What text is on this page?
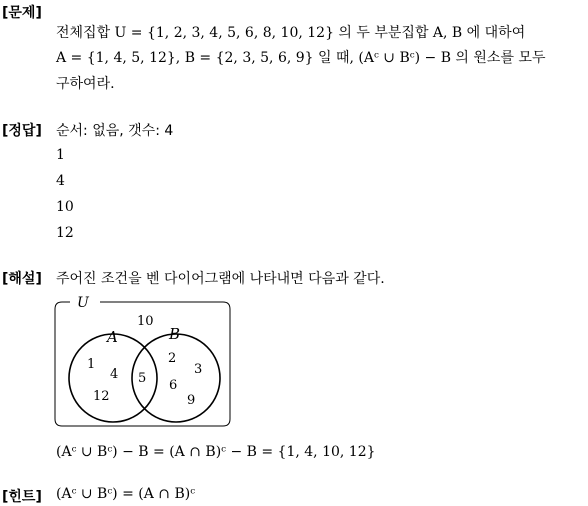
[문제]
전체집합 U = {1, 2, 3, 4, 5, 6, 8, 10, 12} 의 두 부분집합 A, B 에 대하여
A = {1, 4, 5, 12}, B = {2, 3, 5, 6, 9} 일 때, (Aᶜ ∪ Bᶜ) − B 의 원소를 모두
구하여라.
[정답] 순서: 없음, 갯수: 4
1
4
10
12
[해설] 주어진 조건을 벤 다이어그램에 나타내면 다음과 같다.
U
10
A	B
1
4
12
5
2
3
6
9
(Aᶜ ∪ Bᶜ) − B = (A ∩ B)ᶜ − B = {1, 4, 10, 12}
[힌트] (Aᶜ ∪ Bᶜ) = (A ∩ B)ᶜ
